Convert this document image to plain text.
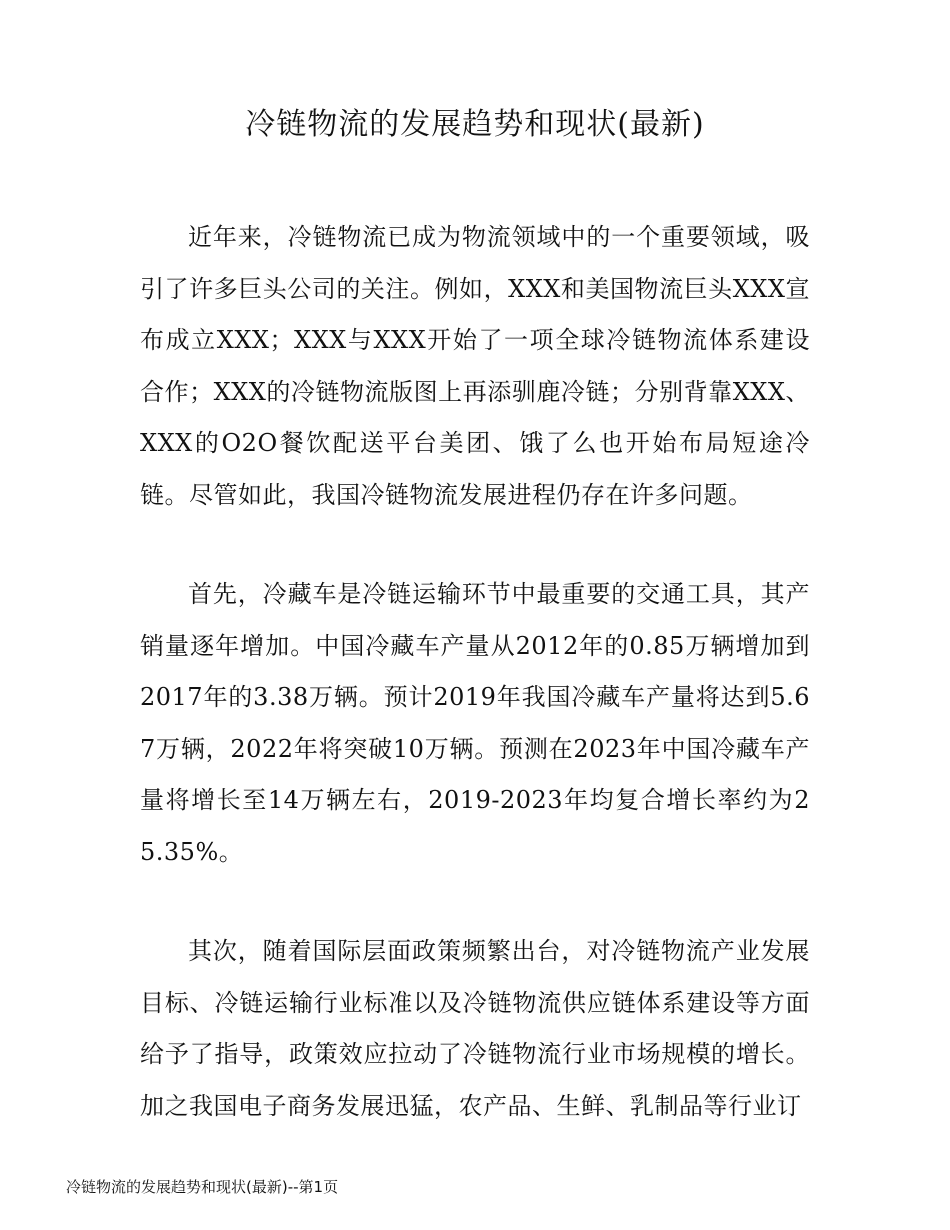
冷链物流的发展趋势和现状(最新)

近年来，冷链物流已成为物流领域中的一个重要领域，吸引了许多巨头公司的关注。例如，XXX和美国物流巨头XXX宣布成立XXX；XXX与XXX开始了一项全球冷链物流体系建设合作；XXX的冷链物流版图上再添驯鹿冷链；分别背靠XXX、XXX的O2O餐饮配送平台美团、饿了么也开始布局短途冷链。尽管如此，我国冷链物流发展进程仍存在许多问题。

首先，冷藏车是冷链运输环节中最重要的交通工具，其产销量逐年增加。中国冷藏车产量从2012年的0.85万辆增加到2017年的3.38万辆。预计2019年我国冷藏车产量将达到5.67万辆，2022年将突破10万辆。预测在2023年中国冷藏车产量将增长至14万辆左右，2019-2023年均复合增长率约为25.35%。

其次，随着国际层面政策频繁出台，对冷链物流产业发展目标、冷链运输行业标准以及冷链物流供应链体系建设等方面给予了指导，政策效应拉动了冷链物流行业市场规模的增长。加之我国电子商务发展迅猛，农产品、生鲜、乳制品等行业订

冷链物流的发展趋势和现状(最新)--第1页
